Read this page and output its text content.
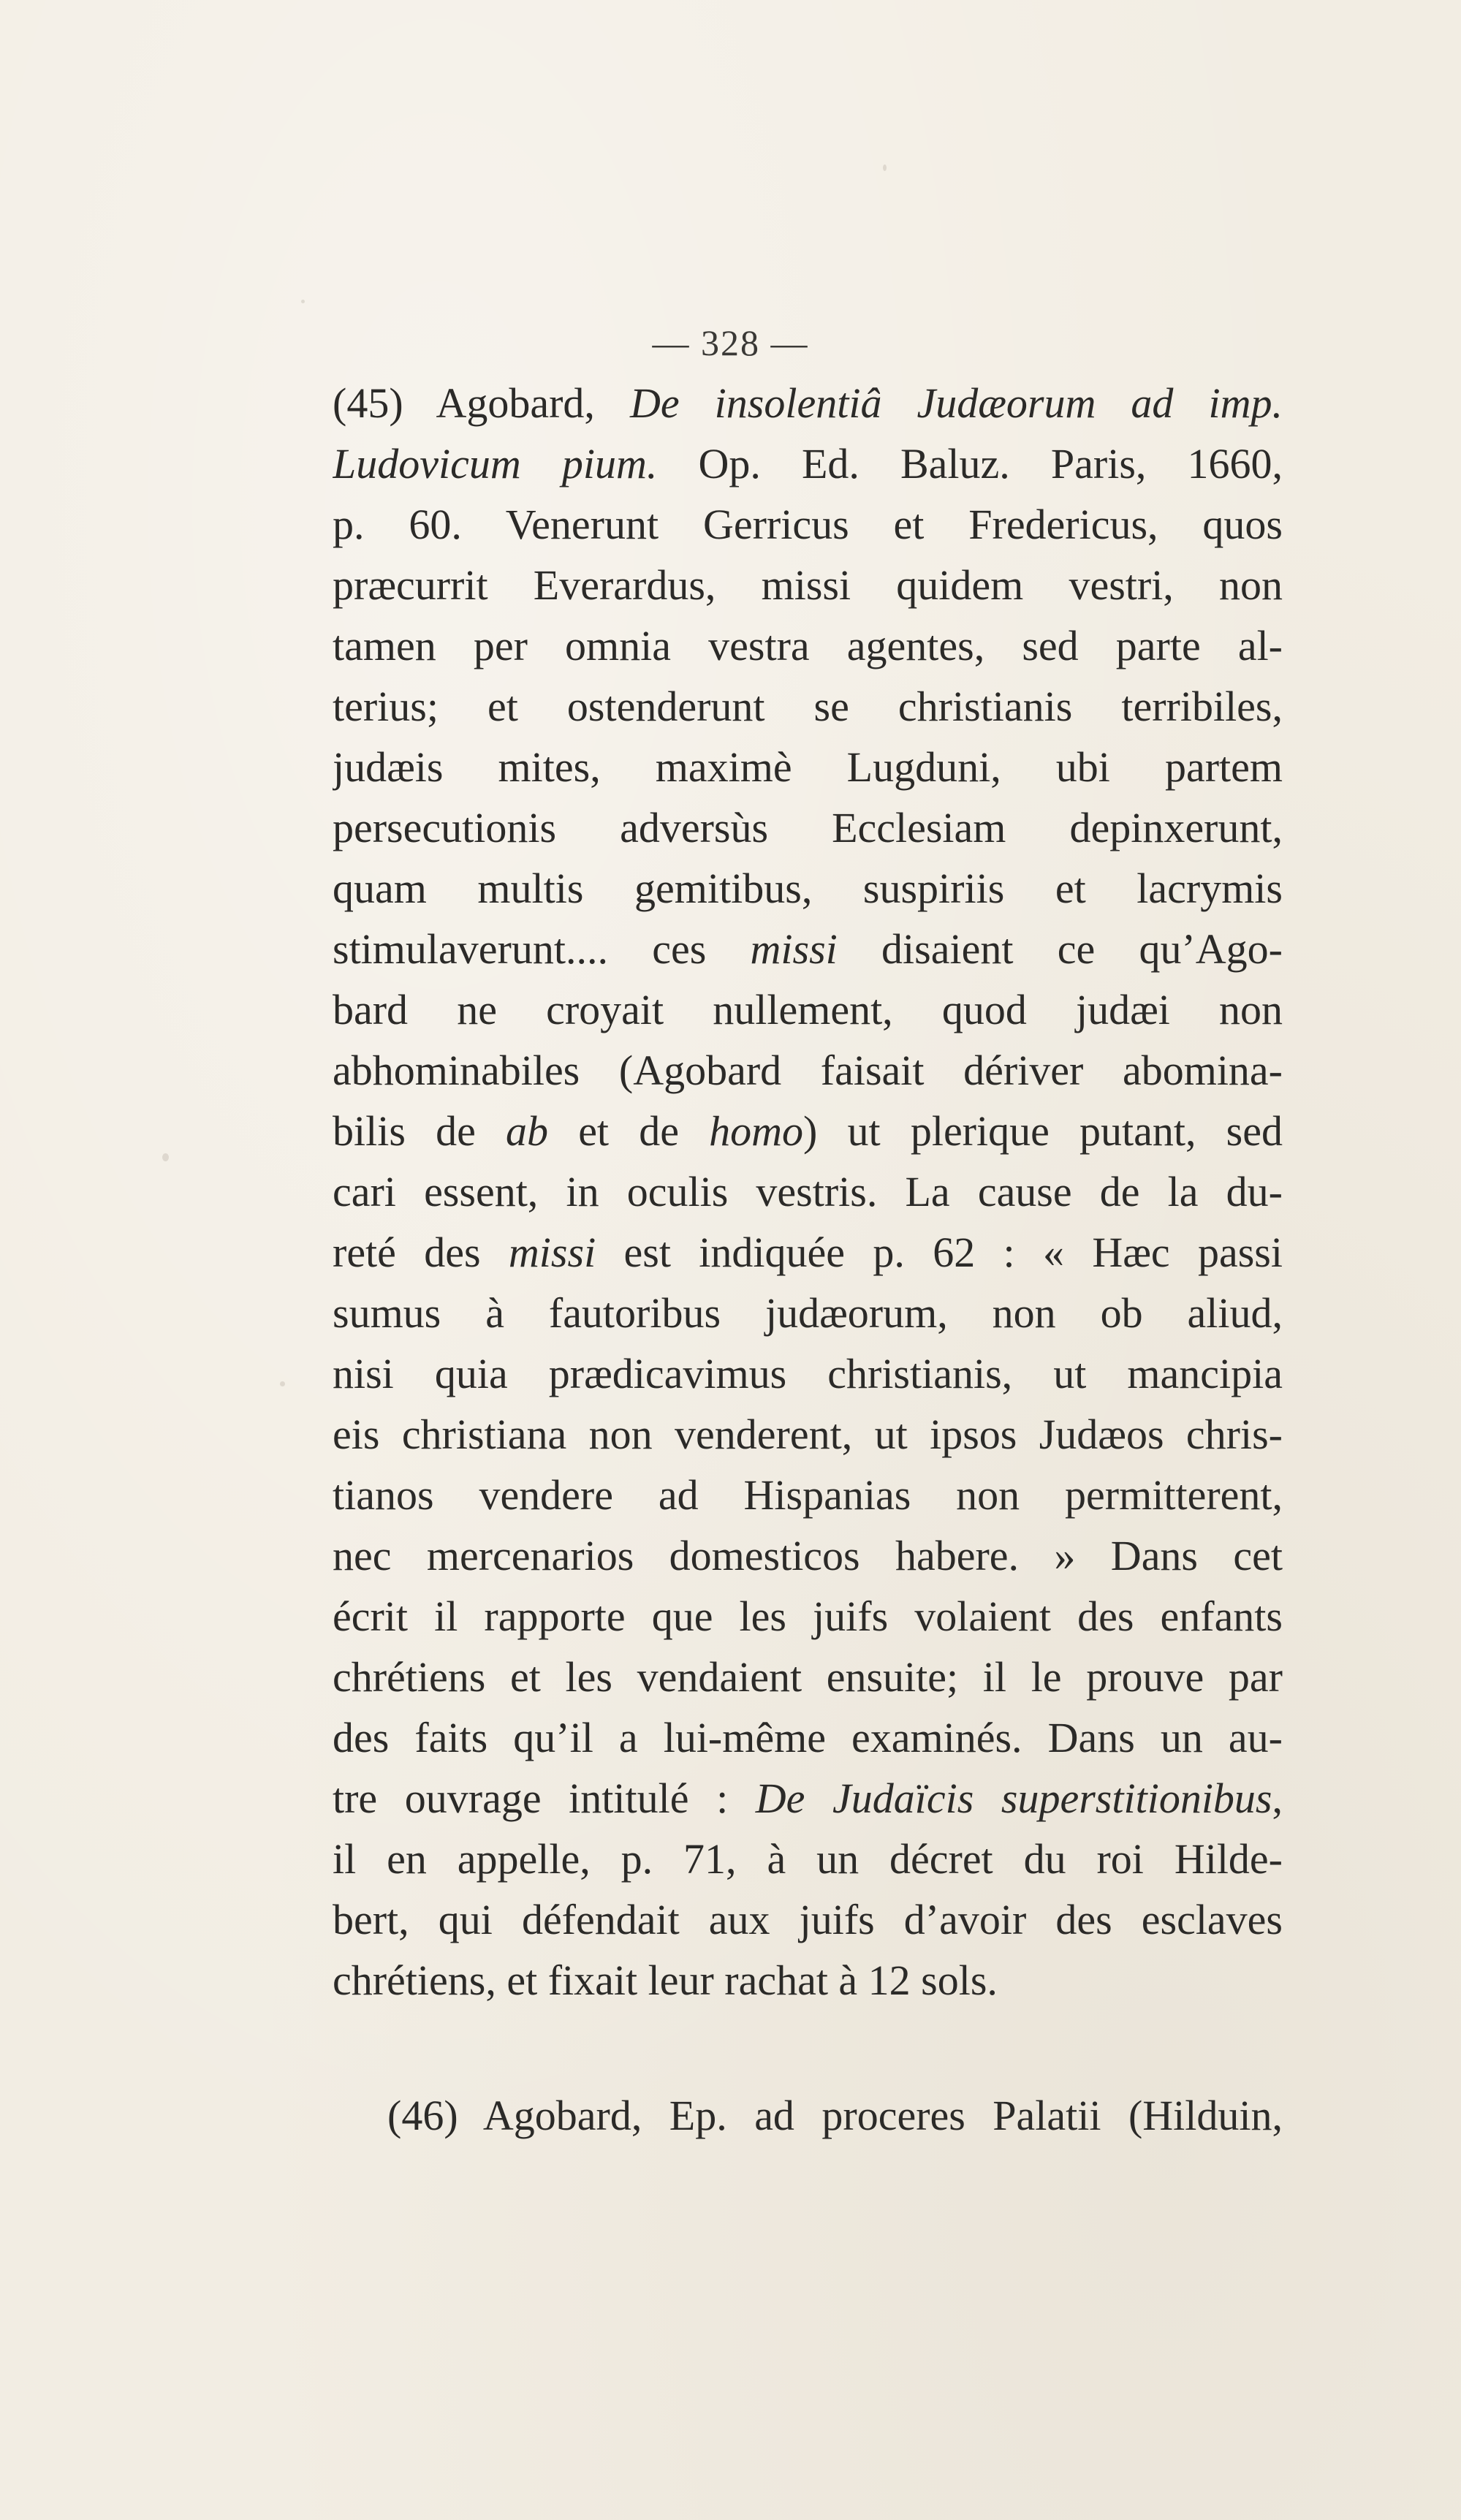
— 328 —
(45) Agobard, De insolentiâ Judæorum ad imp.
Ludovicum pium. Op. Ed. Baluz. Paris, 1660,
p. 60. Venerunt Gerricus et Fredericus, quos
præcurrit Everardus, missi quidem vestri, non
tamen per omnia vestra agentes, sed parte al-
terius; et ostenderunt se christianis terribiles,
judæis mites, maximè Lugduni, ubi partem
persecutionis adversùs Ecclesiam depinxerunt,
quam multis gemitibus, suspiriis et lacrymis
stimulaverunt.... ces missi disaient ce qu’Ago-
bard ne croyait nullement, quod judæi non
abhominabiles (Agobard faisait dériver abomina-
bilis de ab et de homo) ut plerique putant, sed
cari essent, in oculis vestris. La cause de la du-
reté des missi est indiquée p. 62 : « Hæc passi
sumus à fautoribus judæorum, non ob aliud,
nisi quia prædicavimus christianis, ut mancipia
eis christiana non venderent, ut ipsos Judæos chris-
tianos vendere ad Hispanias non permitterent,
nec mercenarios domesticos habere. » Dans cet
écrit il rapporte que les juifs volaient des enfants
chrétiens et les vendaient ensuite; il le prouve par
des faits qu’il a lui-même examinés. Dans un au-
tre ouvrage intitulé : De Judaïcis superstitionibus,
il en appelle, p. 71, à un décret du roi Hilde-
bert, qui défendait aux juifs d’avoir des esclaves
chrétiens, et fixait leur rachat à 12 sols.
(46) Agobard, Ep. ad proceres Palatii (Hilduin,
